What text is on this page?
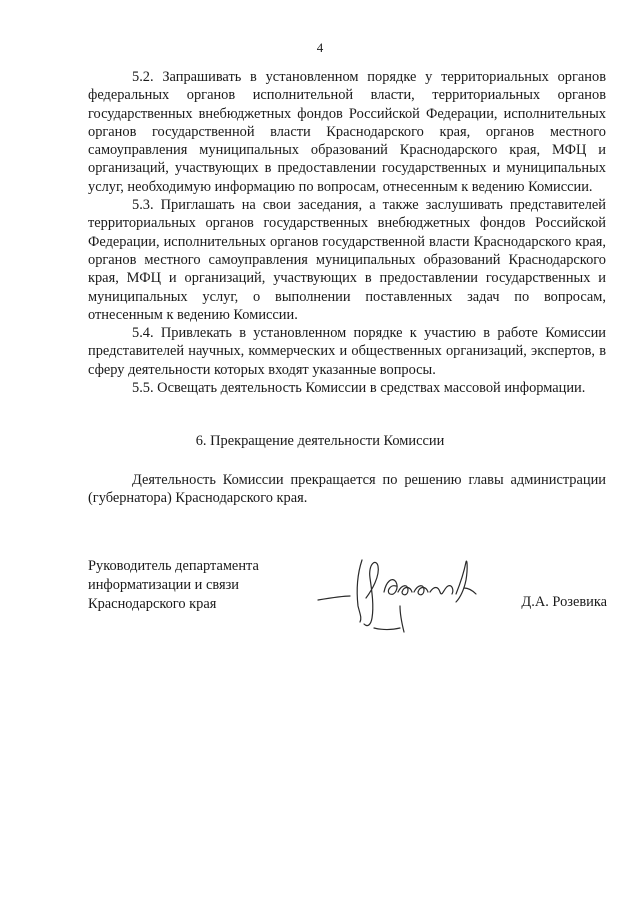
4

5.2. Запрашивать в установленном порядке у территориальных органов федеральных органов исполнительной власти, территориальных органов государственных внебюджетных фондов Российской Федерации, исполнительных органов государственной власти Краснодарского края, органов местного самоуправления муниципальных образований Краснодарского края, МФЦ и организаций, участвующих в предоставлении государственных и муниципальных услуг, необходимую информацию по вопросам, отнесенным к ведению Комиссии.

5.3. Приглашать на свои заседания, а также заслушивать представителей территориальных органов государственных внебюджетных фондов Российской Федерации, исполнительных органов государственной власти Краснодарского края, органов местного самоуправления муниципальных образований Краснодарского края, МФЦ и организаций, участвующих в предоставлении государственных и муниципальных услуг, о выполнении поставленных задач по вопросам, отнесенным к ведению Комиссии.

5.4. Привлекать в установленном порядке к участию в работе Комиссии представителей научных, коммерческих и общественных организаций, экспертов, в сферу деятельности которых входят указанные вопросы.

5.5. Освещать деятельность Комиссии в средствах массовой информации.

6. Прекращение деятельности Комиссии

Деятельность Комиссии прекращается по решению главы администрации (губернатора) Краснодарского края.

Руководитель департамента
информатизации и связи
Краснодарского края	Д.А. Розевика
